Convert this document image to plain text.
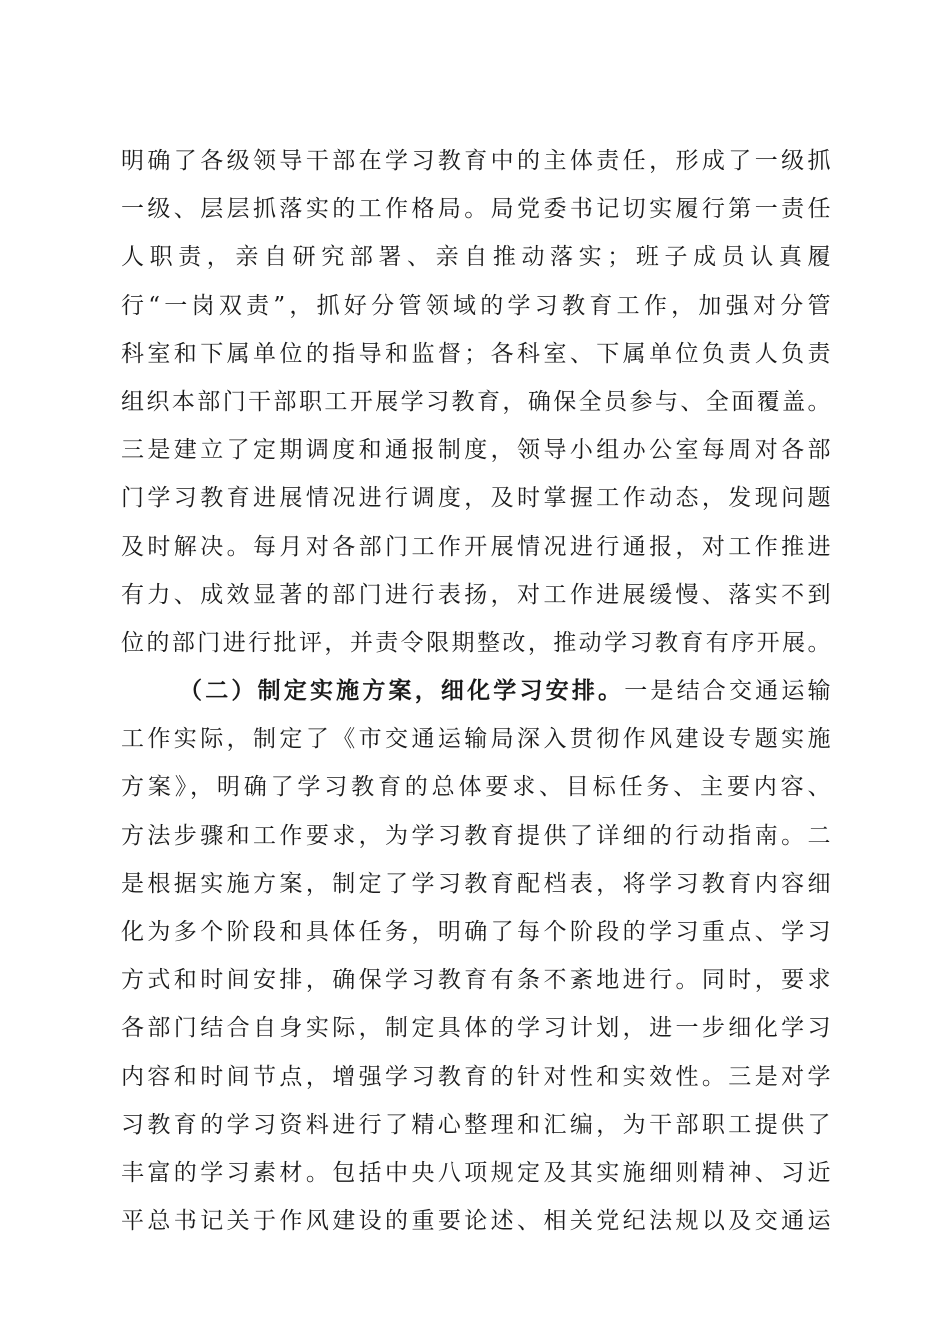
明确了各级领导干部在学习教育中的主体责任，形成了一级抓
一级、层层抓落实的工作格局。局党委书记切实履行第一责任
人职责，亲自研究部署、亲自推动落实；班子成员认真履
行“一岗双责”，抓好分管领域的学习教育工作，加强对分管
科室和下属单位的指导和监督；各科室、下属单位负责人负责
组织本部门干部职工开展学习教育，确保全员参与、全面覆盖。
三是建立了定期调度和通报制度，领导小组办公室每周对各部
门学习教育进展情况进行调度，及时掌握工作动态，发现问题
及时解决。每月对各部门工作开展情况进行通报，对工作推进
有力、成效显著的部门进行表扬，对工作进展缓慢、落实不到
位的部门进行批评，并责令限期整改，推动学习教育有序开展。
（二）制定实施方案，细化学习安排。一是结合交通运输
工作实际，制定了《市交通运输局深入贯彻作风建设专题实施
方案》，明确了学习教育的总体要求、目标任务、主要内容、
方法步骤和工作要求，为学习教育提供了详细的行动指南。二
是根据实施方案，制定了学习教育配档表，将学习教育内容细
化为多个阶段和具体任务，明确了每个阶段的学习重点、学习
方式和时间安排，确保学习教育有条不紊地进行。同时，要求
各部门结合自身实际，制定具体的学习计划，进一步细化学习
内容和时间节点，增强学习教育的针对性和实效性。三是对学
习教育的学习资料进行了精心整理和汇编，为干部职工提供了
丰富的学习素材。包括中央八项规定及其实施细则精神、习近
平总书记关于作风建设的重要论述、相关党纪法规以及交通运
